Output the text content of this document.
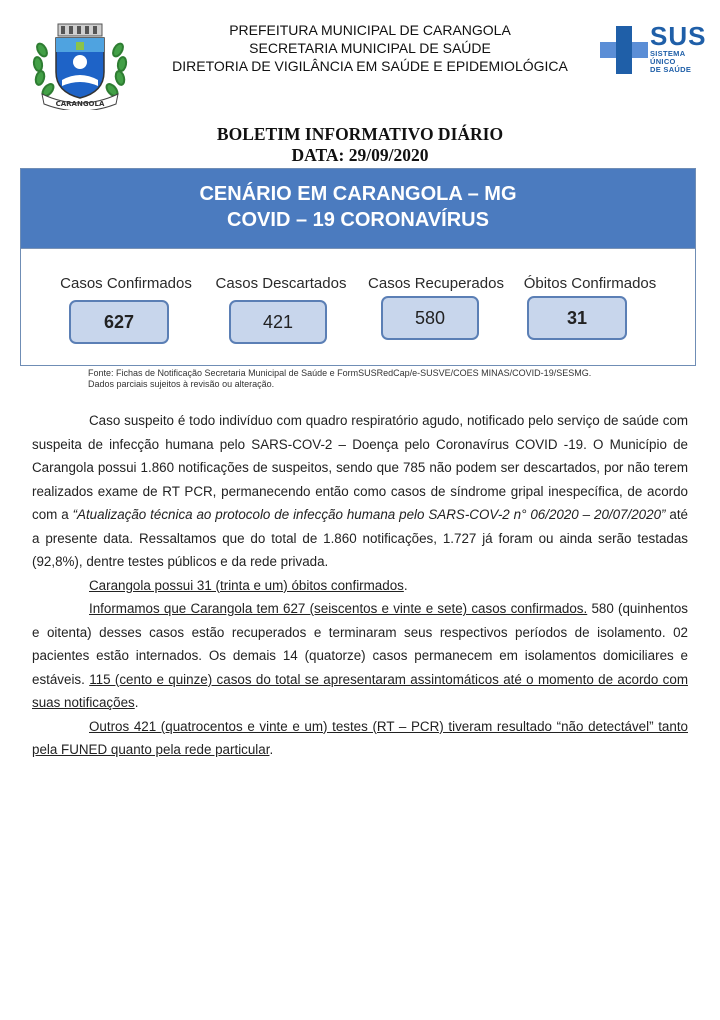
CARANGOLA
PREFEITURA MUNICIPAL DE CARANGOLA
SECRETARIA MUNICIPAL DE SAÚDE
DIRETORIA DE VIGILÂNCIA EM SAÚDE E EPIDEMIOLÓGICA
SUS
SISTEMA
ÚNICO
DE SAÚDE
BOLETIM INFORMATIVO DIÁRIO
DATA: 29/09/2020
CENÁRIO EM CARANGOLA – MG
COVID – 19 CORONAVÍRUS
Casos Confirmados
627
Casos Descartados
421
Casos Recuperados
580
Óbitos Confirmados
31
Fonte: Fichas de Notificação Secretaria Municipal de Saúde e FormSUSRedCap/e-SUSVE/COES MINAS/COVID-19/SESMG.
Dados parciais sujeitos à revisão ou alteração.

Caso suspeito é todo indivíduo com quadro respiratório agudo, notificado pelo serviço de saúde com suspeita de infecção humana pelo SARS-COV-2 – Doença pelo Coronavírus COVID -19. O Município de Carangola possui 1.860 notificações de suspeitos, sendo que 785 não podem ser descartados, por não terem realizados exame de RT PCR, permanecendo então como casos de síndrome gripal inespecífica, de acordo com a “Atualização técnica ao protocolo de infecção humana pelo SARS-COV-2 n° 06/2020 – 20/07/2020” até a presente data. Ressaltamos que do total de 1.860 notificações, 1.727 já foram ou ainda serão testadas (92,8%), dentre testes públicos e da rede privada.

Carangola possui 31 (trinta e um) óbitos confirmados.

Informamos que Carangola tem 627 (seiscentos e vinte e sete) casos confirmados. 580 (quinhentos e oitenta) desses casos estão recuperados e terminaram seus respectivos períodos de isolamento. 02 pacientes estão internados. Os demais 14 (quatorze) casos permanecem em isolamentos domiciliares e estáveis. 115 (cento e quinze) casos do total se apresentaram assintomáticos até o momento de acordo com suas notificações.

Outros 421 (quatrocentos e vinte e um) testes (RT – PCR) tiveram resultado “não detectável” tanto pela FUNED quanto pela rede particular.
